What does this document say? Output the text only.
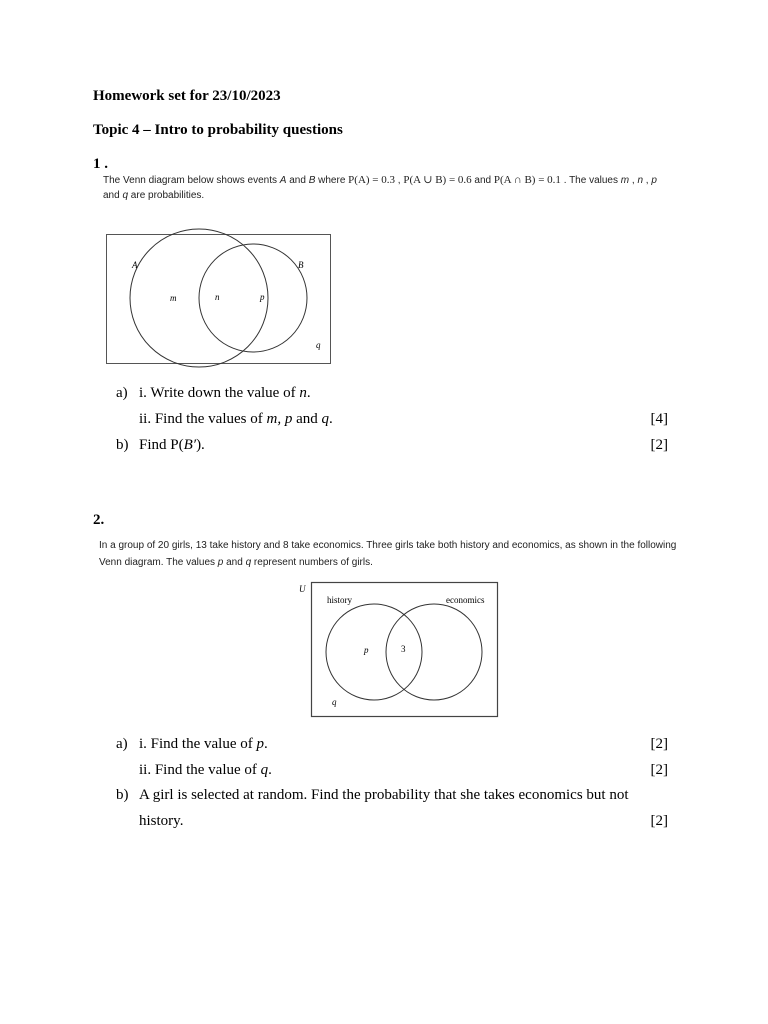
Homework set for 23/10/2023
Topic 4 – Intro to probability questions
1 .
The Venn diagram below shows events A and B where P(A) = 0.3 , P(A ∪ B) = 0.6 and P(A ∩ B) = 0.1 . The values m , n , p
and q are probabilities.
A	B
m	n	p
q
U
history	economics
p	3
q
a) i. Write down the value of n.
ii. Find the values of m, p and q.	[4]
b) Find P(B′).	[2]
2.
In a group of 20 girls, 13 take history and 8 take economics. Three girls take both history and economics, as shown in the following
Venn diagram. The values p and q represent numbers of girls.
a) i. Find the value of p.	[2]
ii. Find the value of q.	[2]
b) A girl is selected at random. Find the probability that she takes economics but not
history.	[2]
